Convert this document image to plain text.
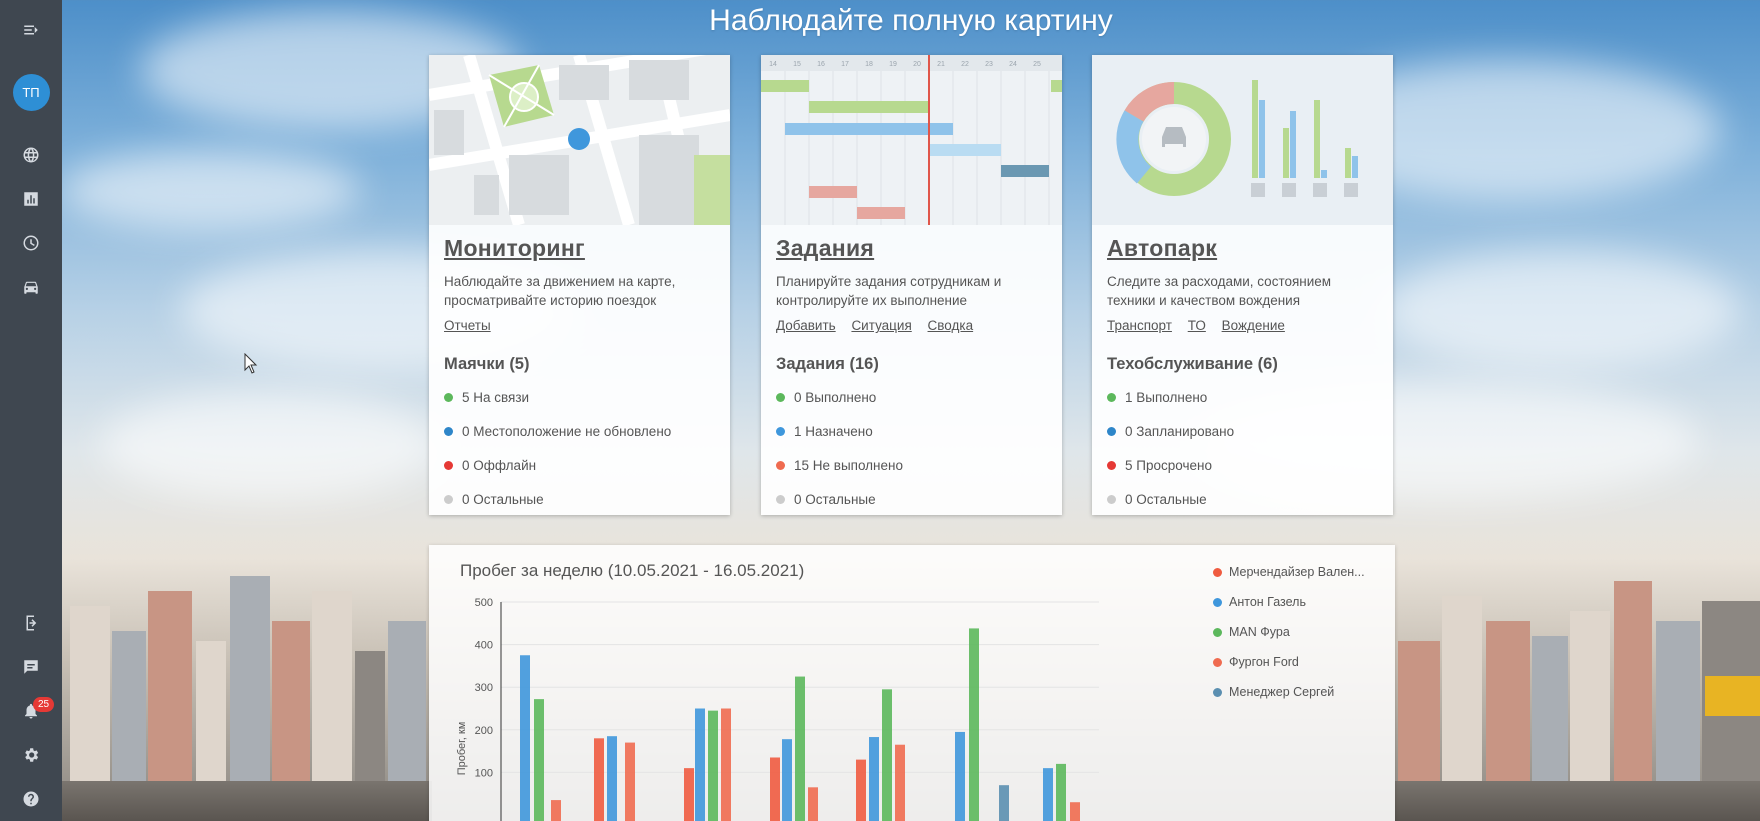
ТП
25
Наблюдайте полную картину
Мониторинг
Наблюдайте за движением на карте,
просматривайте историю поездок
Отчеты
Маячки (5)
5 На связи
0 Местоположение не обновлено
0 Оффлайн
0 Остальные
14 15 16 17 18 19 20 21 22 23 24 25
Задания
Планируйте задания сотрудникам и
контролируйте их выполнение
Добавить Ситуация Сводка
Задания (16)
0 Выполнено
1 Назначено
15 Не выполнено
0 Остальные
Автопарк
Следите за расходами, состоянием
техники и качеством вождения
Транспорт ТО Вождение
Техобслуживание (6)
1 Выполнено
0 Запланировано
5 Просрочено
0 Остальные
Пробег за неделю (10.05.2021 - 16.05.2021)
100
200
300
400
500
Пробег, км
Мерчендайзер Вален...
Антон Газель
MAN Фура
Фургон Ford
Менеджер Сергей
